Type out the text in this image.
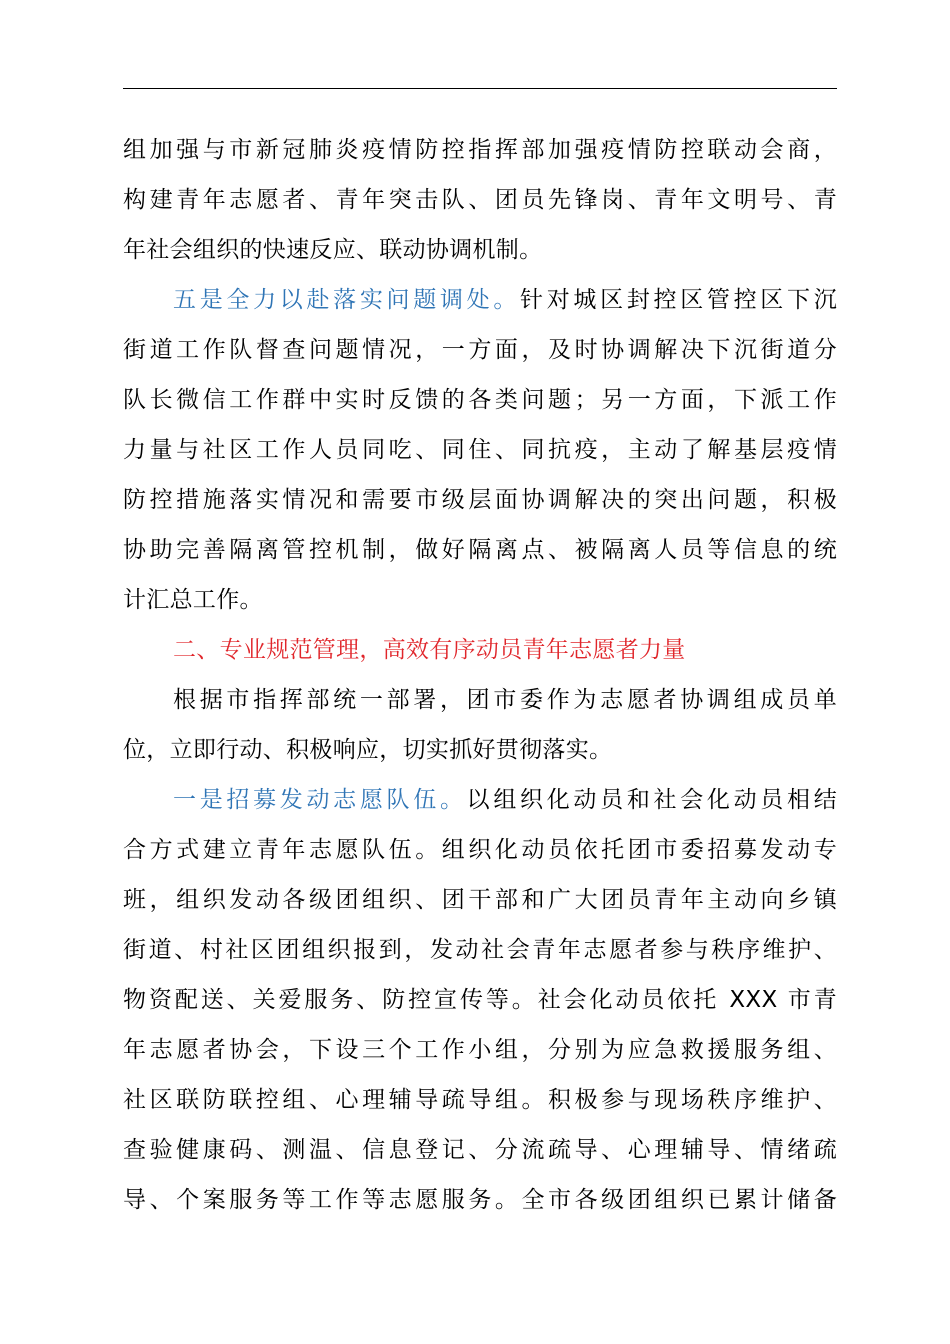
组加强与市新冠肺炎疫情防控指挥部加强疫情防控联动会商，
构建青年志愿者、青年突击队、团员先锋岗、青年文明号、青
年社会组织的快速反应、联动协调机制。
五是全力以赴落实问题调处。针对城区封控区管控区下沉
街道工作队督查问题情况，一方面，及时协调解决下沉街道分
队长微信工作群中实时反馈的各类问题；另一方面，下派工作
力量与社区工作人员同吃、同住、同抗疫，主动了解基层疫情
防控措施落实情况和需要市级层面协调解决的突出问题，积极
协助完善隔离管控机制，做好隔离点、被隔离人员等信息的统
计汇总工作。
二、专业规范管理，高效有序动员青年志愿者力量
根据市指挥部统一部署，团市委作为志愿者协调组成员单
位，立即行动、积极响应，切实抓好贯彻落实。
一是招募发动志愿队伍。以组织化动员和社会化动员相结
合方式建立青年志愿队伍。组织化动员依托团市委招募发动专
班，组织发动各级团组织、团干部和广大团员青年主动向乡镇
街道、村社区团组织报到，发动社会青年志愿者参与秩序维护、
物资配送、关爱服务、防控宣传等。社会化动员依托 XXX 市青
年志愿者协会，下设三个工作小组，分别为应急救援服务组、
社区联防联控组、心理辅导疏导组。积极参与现场秩序维护、
查验健康码、测温、信息登记、分流疏导、心理辅导、情绪疏
导、个案服务等工作等志愿服务。全市各级团组织已累计储备
